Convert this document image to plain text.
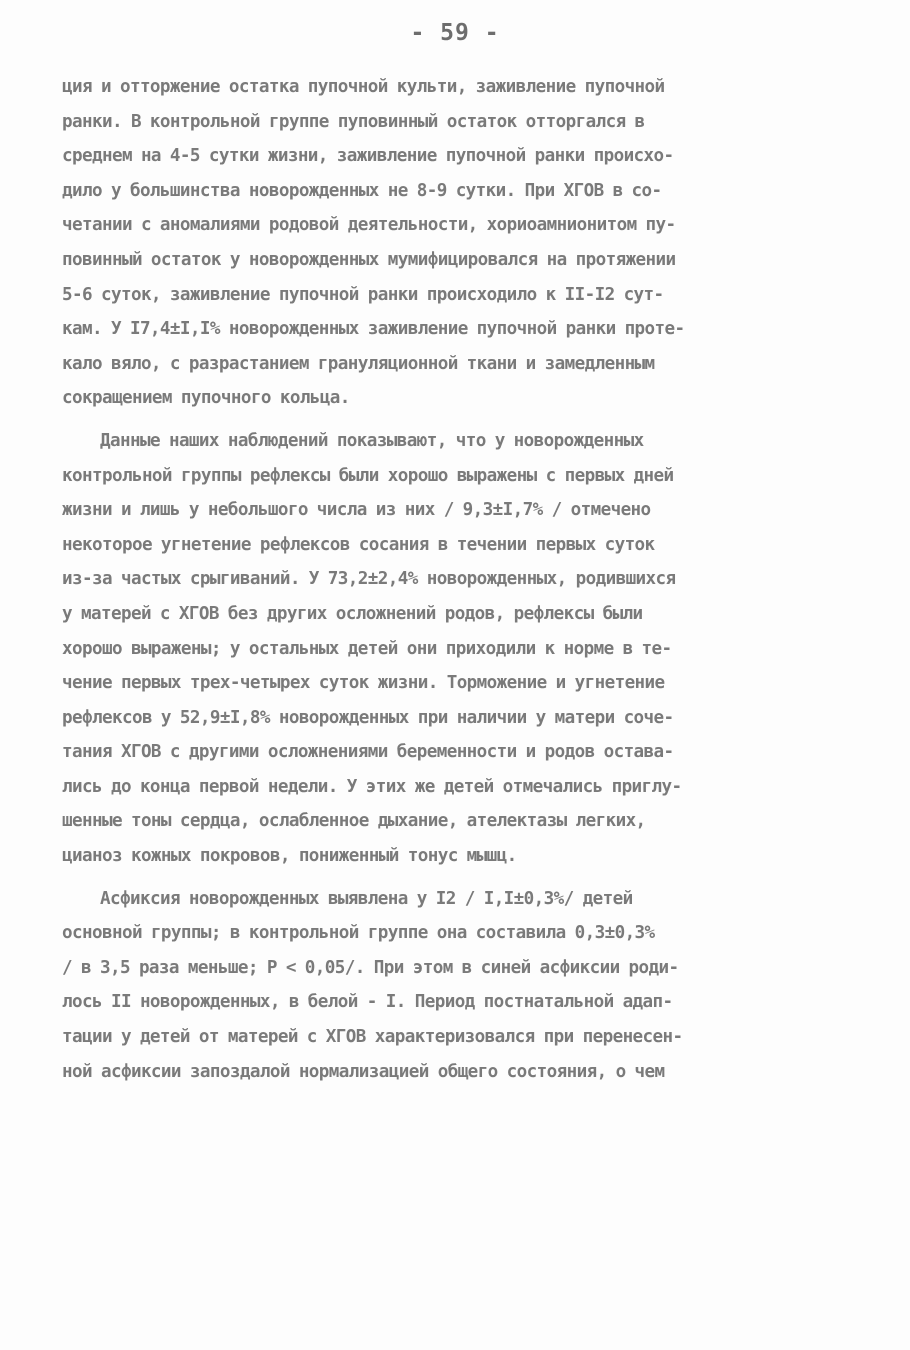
- 59 -
ция и отторжение остатка пупочной культи, заживление пупочной
ранки. В контрольной группе пуповинный остаток отторгался в
среднем на 4-5 сутки жизни, заживление пупочной ранки происхо-
дило у большинства новорожденных не 8-9 сутки. При ХГОВ в со-
четании с аномалиями родовой деятельности, хориоамнионитом пу-
повинный остаток у новорожденных мумифицировался на протяжении
5-6 суток, заживление пупочной ранки происходило к II-I2 сут-
кам. У I7,4±I,I% новорожденных заживление пупочной ранки проте-
кало вяло, с разрастанием грануляционной ткани и замедленным
сокращением пупочного кольца.
Данные наших наблюдений показывают, что у новорожденных
контрольной группы рефлексы были хорошо выражены с первых дней
жизни и лишь у небольшого числа из них / 9,3±I,7% / отмечено
некоторое угнетение рефлексов сосания в течении первых суток
из-за частых срыгиваний. У 73,2±2,4% новорожденных, родившихся
у матерей с ХГОВ без других осложнений родов, рефлексы были
хорошо выражены; у остальных детей они приходили к норме в те-
чение первых трех-четырех суток жизни. Торможение и угнетение
рефлексов у 52,9±I,8% новорожденных при наличии у матери соче-
тания ХГОВ с другими осложнениями беременности и родов остава-
лись до конца первой недели. У этих же детей отмечались приглу-
шенные тоны сердца, ослабленное дыхание, ателектазы легких,
цианоз кожных покровов, пониженный тонус мышц.
Асфиксия новорожденных выявлена у I2 / I,I±0,3%/ детей
основной группы; в контрольной группе она составила 0,3±0,3%
/ в 3,5 раза меньше; Р < 0,05/. При этом в синей асфиксии роди-
лось II новорожденных, в белой - I. Период постнатальной адап-
тации у детей от матерей с ХГОВ характеризовался при перенесен-
ной асфиксии запоздалой нормализацией общего состояния, о чем
